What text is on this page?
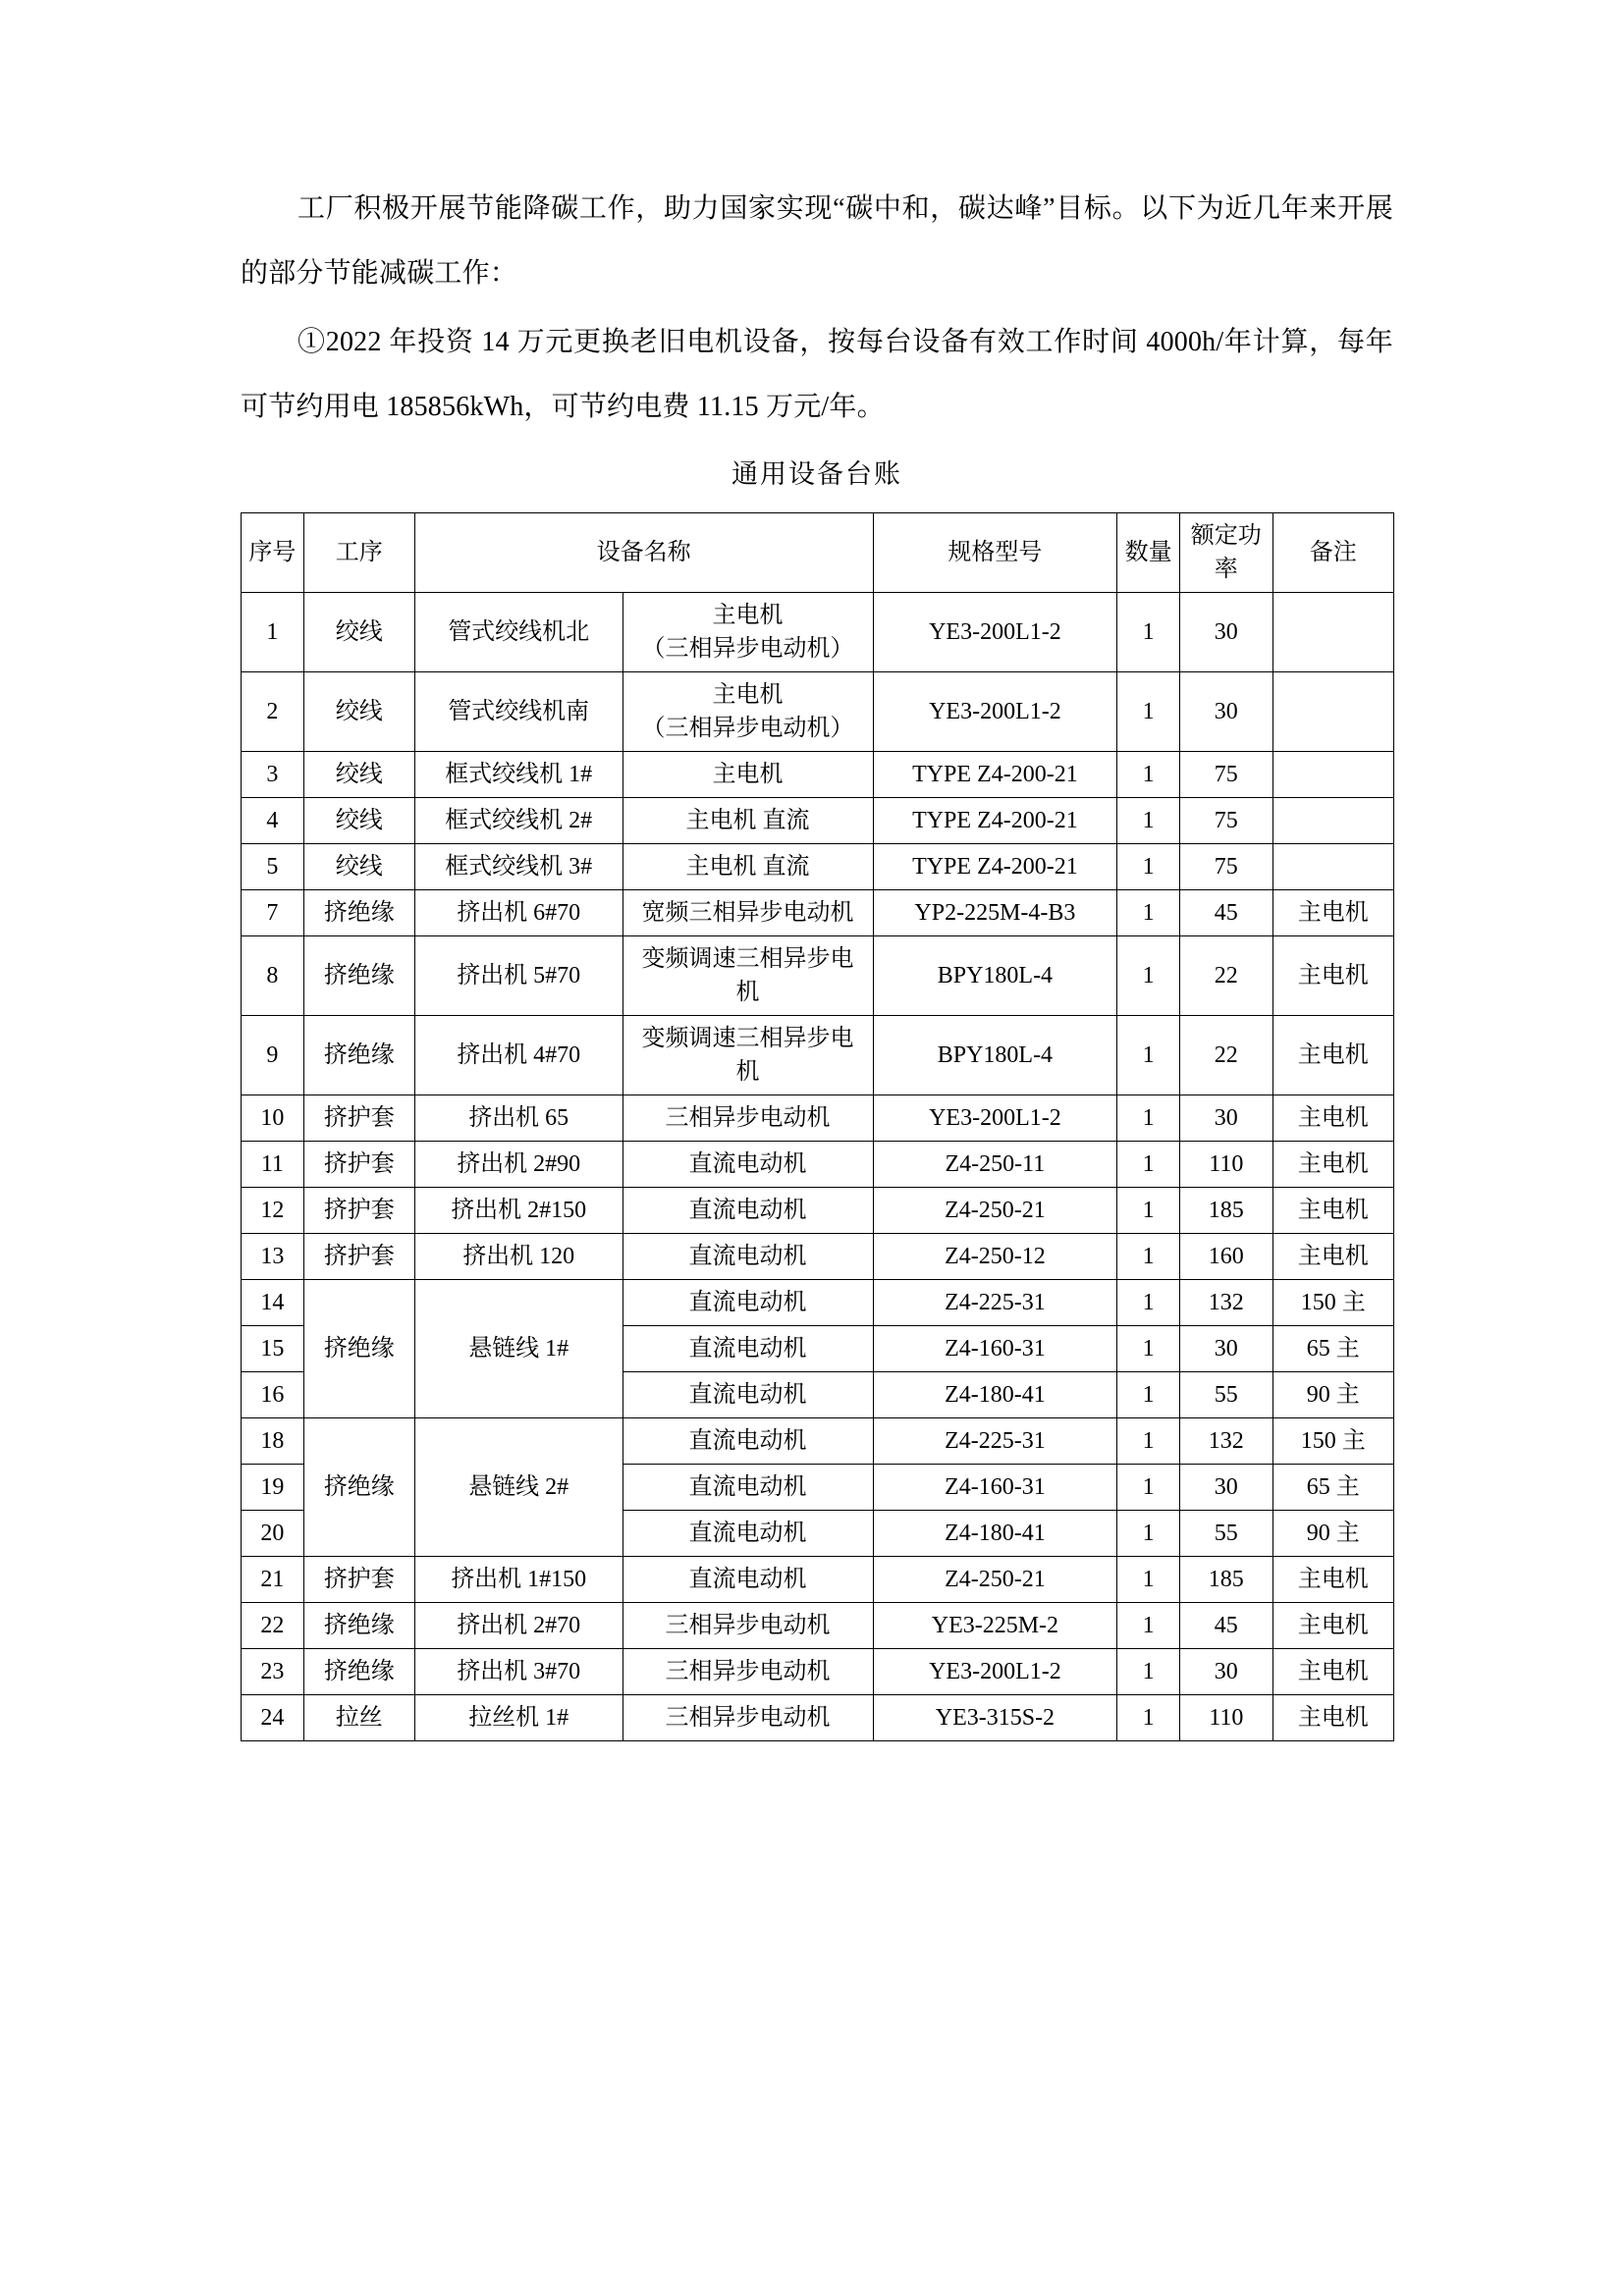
工厂积极开展节能降碳工作，助力国家实现“碳中和，碳达峰”目标。以下为近几年来开展的部分节能减碳工作：

①2022 年投资 14 万元更换老旧电机设备，按每台设备有效工作时间 4000h/年计算，每年可节约用电 185856kWh，可节约电费 11.15 万元/年。

通用设备台账
序号	工序	设备名称		规格型号	数量	额定功率	备注
1	绞线	管式绞线机北	主电机
（三相异步电动机）	YE3-200L1-2	1	30	
2	绞线	管式绞线机南	主电机
（三相异步电动机）	YE3-200L1-2	1	30	
3	绞线	框式绞线机 1#	主电机	TYPE Z4-200-21	1	75	
4	绞线	框式绞线机 2#	主电机 直流	TYPE Z4-200-21	1	75	
5	绞线	框式绞线机 3#	主电机 直流	TYPE Z4-200-21	1	75	
7	挤绝缘	挤出机 6#70	宽频三相异步电动机	YP2-225M-4-B3	1	45	主电机
8	挤绝缘	挤出机 5#70	变频调速三相异步电
机	BPY180L-4	1	22	主电机
9	挤绝缘	挤出机 4#70	变频调速三相异步电
机	BPY180L-4	1	22	主电机
10	挤护套	挤出机 65	三相异步电动机	YE3-200L1-2	1	30	主电机
11	挤护套	挤出机 2#90	直流电动机	Z4-250-11	1	110	主电机
12	挤护套	挤出机 2#150	直流电动机	Z4-250-21	1	185	主电机
13	挤护套	挤出机 120	直流电动机	Z4-250-12	1	160	主电机
14	挤绝缘	悬链线 1#	直流电动机	Z4-225-31	1	132	150 主
15			直流电动机	Z4-160-31	1	30	65 主
16			直流电动机	Z4-180-41	1	55	90 主
18	挤绝缘	悬链线 2#	直流电动机	Z4-225-31	1	132	150 主
19			直流电动机	Z4-160-31	1	30	65 主
20			直流电动机	Z4-180-41	1	55	90 主
21	挤护套	挤出机 1#150	直流电动机	Z4-250-21	1	185	主电机
22	挤绝缘	挤出机 2#70	三相异步电动机	YE3-225M-2	1	45	主电机
23	挤绝缘	挤出机 3#70	三相异步电动机	YE3-200L1-2	1	30	主电机
24	拉丝	拉丝机 1#	三相异步电动机	YE3-315S-2	1	110	主电机
